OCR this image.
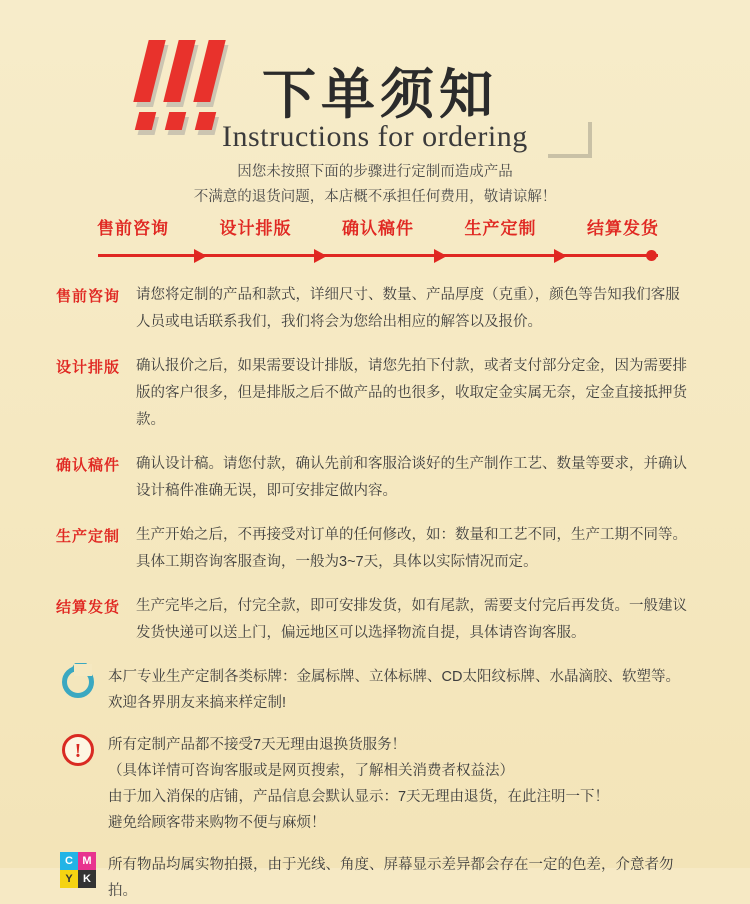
下单须知
Instructions for ordering
因您未按照下面的步骤进行定制而造成产品
不满意的退货问题，本店概不承担任何费用，敬请谅解！
售前咨询	设计排版	确认稿件	生产定制	结算发货
售前咨询	请您将定制的产品和款式，详细尺寸、数量、产品厚度（克重），颜色等告知我们客服人员或电话联系我们，我们将会为您给出相应的解答以及报价。
设计排版	确认报价之后，如果需要设计排版，请您先拍下付款，或者支付部分定金，因为需要排版的客户很多，但是排版之后不做产品的也很多，收取定金实属无奈，定金直接抵押货款。
确认稿件	确认设计稿。请您付款，确认先前和客服洽谈好的生产制作工艺、数量等要求，并确认设计稿件准确无误，即可安排定做内容。
生产定制	生产开始之后，不再接受对订单的任何修改，如：数量和工艺不同，生产工期不同等。具体工期咨询客服查询，一般为3~7天，具体以实际情况而定。
结算发货	生产完毕之后，付完全款，即可安排发货，如有尾款，需要支付完后再发货。一般建议发货快递可以送上门，偏远地区可以选择物流自提，具体请咨询客服。
本厂专业生产定制各类标牌：金属标牌、立体标牌、CD太阳纹标牌、水晶滴胶、软塑等。
欢迎各界朋友来搞来样定制!
! 所有定制产品都不接受7天无理由退换货服务！
（具体详情可咨询客服或是网页搜索，了解相关消费者权益法）
由于加入消保的店铺，产品信息会默认显示：7天无理由退货，在此注明一下！
避免给顾客带来购物不便与麻烦！
C M
Y K
所有物品均属实物拍摄，由于光线、角度、屏幕显示差异都会存在一定的色差，介意者勿拍。
